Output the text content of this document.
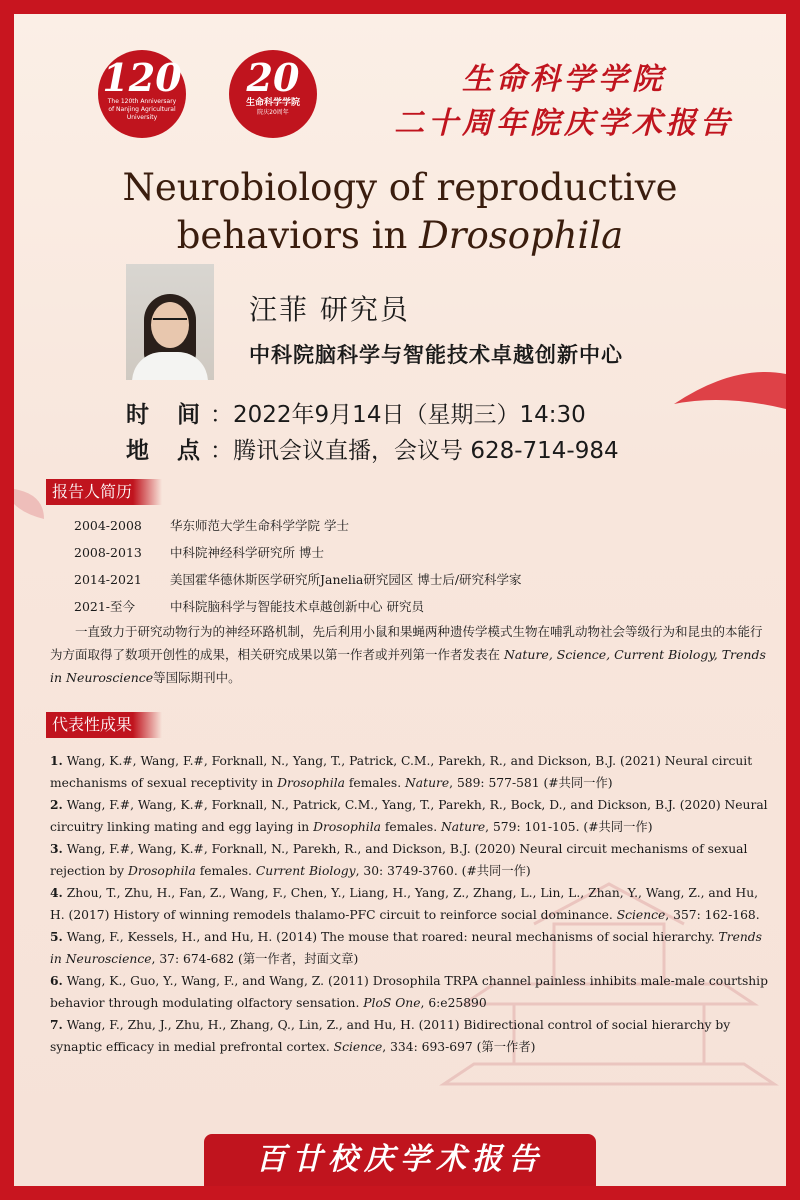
120
The 120th Anniversary of Nanjing Agricultural University
20
生命科学学院
院庆20周年
生命科学学院
二十周年院庆学术报告
Neurobiology of reproductive
behaviors in Drosophila
汪菲 研究员
中科院脑科学与智能技术卓越创新中心
时 间：2022年9月14日（星期三）14:30
地 点：腾讯会议直播，会议号 628-714-984
报告人简历
2004-2008 华东师范大学生命科学学院 学士
2008-2013 中科院神经科学研究所 博士
2014-2021 美国霍华德休斯医学研究所Janelia研究园区 博士后/研究科学家
2021-至今	中科院脑科学与智能技术卓越创新中心 研究员

一直致力于研究动物行为的神经环路机制，先后利用小鼠和果蝇两种遗传学模式生物在哺乳动物社会等级行为和昆虫的本能行为方面取得了数项开创性的成果，相关研究成果以第一作者或并列第一作者发表在 Nature, Science, Current Biology, Trends in Neuroscience等国际期刊中。

代表性成果
1. Wang, K.#, Wang, F.#, Forknall, N., Yang, T., Patrick, C.M., Parekh, R., and Dickson, B.J. (2021) Neural circuit mechanisms of sexual receptivity in Drosophila females. Nature, 589: 577-581 (#共同一作)
2. Wang, F.#, Wang, K.#, Forknall, N., Patrick, C.M., Yang, T., Parekh, R., Bock, D., and Dickson, B.J. (2020) Neural circuitry linking mating and egg laying in Drosophila females. Nature, 579: 101-105. (#共同一作)
3. Wang, F.#, Wang, K.#, Forknall, N., Parekh, R., and Dickson, B.J. (2020) Neural circuit mechanisms of sexual rejection by Drosophila females. Current Biology, 30: 3749-3760. (#共同一作)
4. Zhou, T., Zhu, H., Fan, Z., Wang, F., Chen, Y., Liang, H., Yang, Z., Zhang, L., Lin, L., Zhan, Y., Wang, Z., and Hu, H. (2017) History of winning remodels thalamo-PFC circuit to reinforce social dominance. Science, 357: 162-168.
5. Wang, F., Kessels, H., and Hu, H. (2014) The mouse that roared: neural mechanisms of social hierarchy. Trends in Neuroscience, 37: 674-682 (第一作者，封面文章)
6. Wang, K., Guo, Y., Wang, F., and Wang, Z. (2011) Drosophila TRPA channel painless inhibits male-male courtship behavior through modulating olfactory sensation. PloS One, 6:e25890
7. Wang, F., Zhu, J., Zhu, H., Zhang, Q., Lin, Z., and Hu, H. (2011) Bidirectional control of social hierarchy by synaptic efficacy in medial prefrontal cortex. Science, 334: 693-697 (第一作者)
百廿校庆学术报告
